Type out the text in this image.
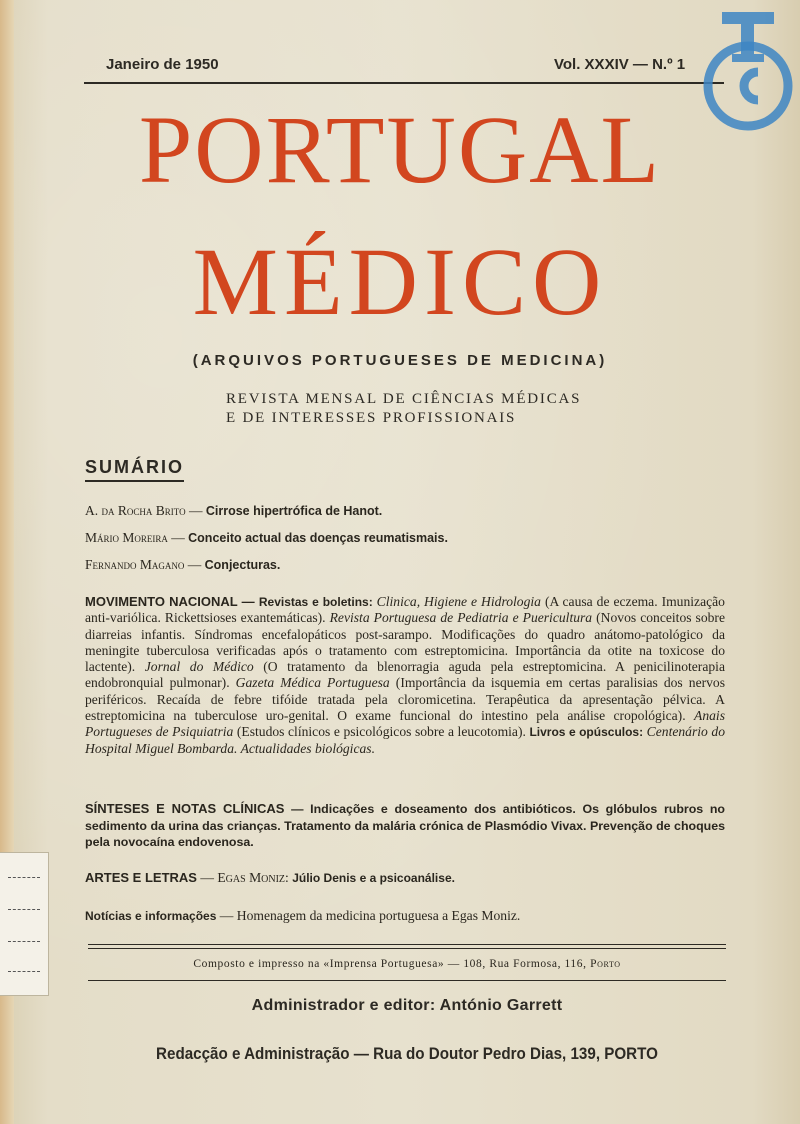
Janeiro de 1950	Vol. XXXIV — N.º 1
PORTUGAL
MÉDICO
(ARQUIVOS PORTUGUESES DE MEDICINA)
REVISTA MENSAL DE CIÊNCIAS MÉDICAS
E DE INTERESSES PROFISSIONAIS
SUMÁRIO
A. da Rocha Brito — Cirrose hipertrófica de Hanot.
Mário Moreira — Conceito actual das doenças reumatismais.
Fernando Magano — Conjecturas.
MOVIMENTO NACIONAL — Revistas e boletins: Clinica, Higiene e Hidrologia (A causa de eczema. Imunização anti-variólica. Rickettsioses exantemáticas). Revista Portuguesa de Pediatria e Puericultura (Novos conceitos sobre diarreias infantis. Síndromas encefalopáticos post-sarampo. Modificações do quadro anátomo-patológico da meningite tuberculosa verificadas após o tratamento com estreptomicina. Importância da otite na toxicose do lactente). Jornal do Médico (O tratamento da blenorragia aguda pela estreptomicina. A penicilinoterapia endobronquial pulmonar). Gazeta Médica Portuguesa (Importância da isquemia em certas paralisias dos nervos periféricos. Recaída de febre tifóide tratada pela cloromicetina. Terapêutica da apresentação pélvica. A estreptomicina na tuberculose uro-genital. O exame funcional do intestino pela análise cropológica). Anais Portugueses de Psiquiatria (Estudos clínicos e psicológicos sobre a leucotomia). Livros e opúsculos: Centenário do Hospital Miguel Bombarda. Actualidades biológicas.
SÍNTESES E NOTAS CLÍNICAS — Indicações e doseamento dos antibióticos. Os glóbulos rubros no sedimento da urina das crianças. Tratamento da malária crónica de Plasmódio Vivax. Prevenção de choques pela novocaína endovenosa.
ARTES E LETRAS — Egas Moniz: Júlio Denis e a psicoanálise.
Notícias e informações — Homenagem da medicina portuguesa a Egas Moniz.
Composto e impresso na «Imprensa Portuguesa» — 108, Rua Formosa, 116, Porto
Administrador e editor: António Garrett
Redacção e Administração — Rua do Doutor Pedro Dias, 139, PORTO
